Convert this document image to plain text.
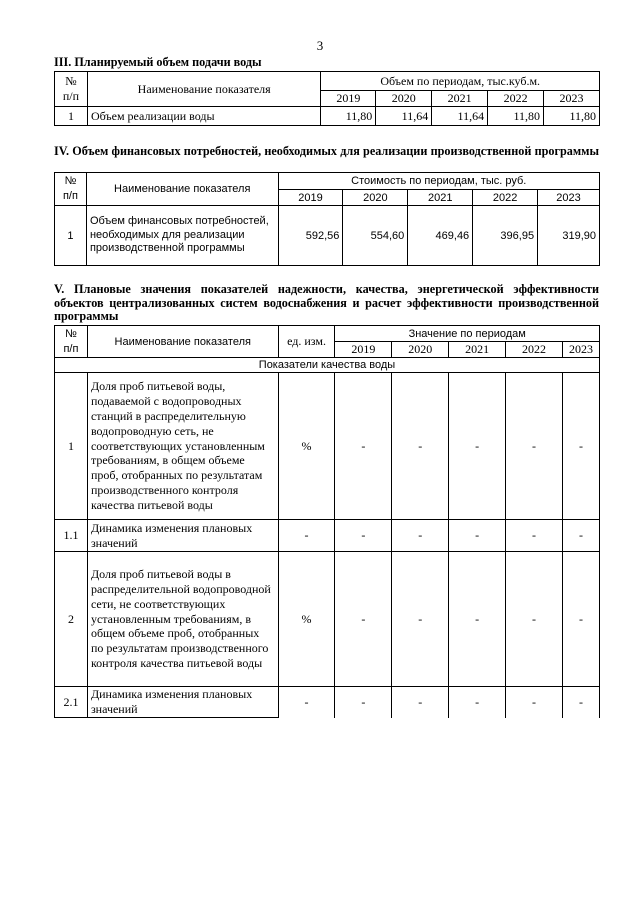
3
III. Планируемый объем подачи воды
№
п/п	Наименование показателя	Объем по периодам, тыс.куб.м.				
		2019	2020	2021	2022	2023
1	Объем реализации воды	11,80	11,64	11,64	11,80	11,80
IV. Объем финансовых потребностей, необходимых для реализации производственной программы
№
п/п	Наименование показателя	Стоимость по периодам, тыс. руб.				
		2019	2020	2021	2022	2023
1	Объем финансовых потребностей, необходимых для реализации производственной программы	592,56	554,60	469,46	396,95	319,90
V. Плановые значения показателей надежности, качества, энергетической эффективности объектов централизованных систем водоснабжения и расчет эффективности производственной программы
№
п/п	Наименование показателя	ед. изм.	Значение по периодам				
			2019	2020	2021	2022	2023
Показатели качества воды							
1	Доля проб питьевой воды, подаваемой с водопроводных станций в распределительную водопроводную сеть, не соответствующих установленным требованиям, в общем объеме проб, отобранных по результатам производственного контроля качества питьевой воды	%	-	-	-	-	-
1.1	Динамика изменения плановых значений	-	-	-	-	-	-
2	Доля проб питьевой воды в распределительной водопроводной сети, не соответствующих установленным требованиям, в общем объеме проб, отобранных по результатам производственного контроля качества питьевой воды	%	-	-	-	-	-
2.1	Динамика изменения плановых значений	-	-	-	-	-	-
